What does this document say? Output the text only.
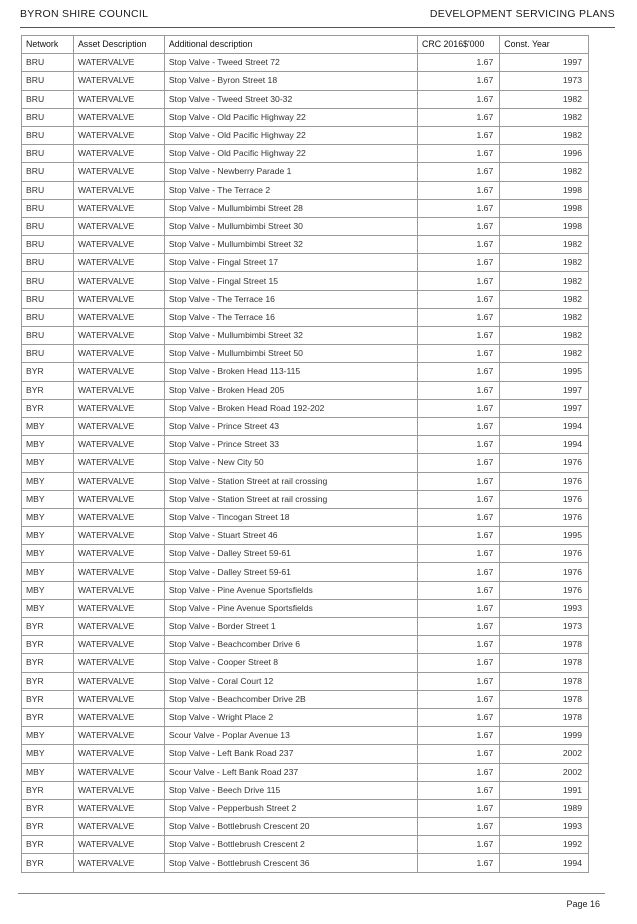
BYRON SHIRE COUNCIL	DEVELOPMENT SERVICING PLANS
Network	Asset Description	Additional description	CRC 2016$'000	Const. Year
BRU	WATERVALVE	Stop Valve - Tweed Street 72	1.67	1997
BRU	WATERVALVE	Stop Valve - Byron Street 18	1.67	1973
BRU	WATERVALVE	Stop Valve - Tweed Street 30-32	1.67	1982
BRU	WATERVALVE	Stop Valve - Old Pacific Highway 22	1.67	1982
BRU	WATERVALVE	Stop Valve - Old Pacific Highway 22	1.67	1982
BRU	WATERVALVE	Stop Valve - Old Pacific Highway 22	1.67	1996
BRU	WATERVALVE	Stop Valve - Newberry Parade 1	1.67	1982
BRU	WATERVALVE	Stop Valve - The Terrace 2	1.67	1998
BRU	WATERVALVE	Stop Valve - Mullumbimbi Street 28	1.67	1998
BRU	WATERVALVE	Stop Valve - Mullumbimbi Street 30	1.67	1998
BRU	WATERVALVE	Stop Valve - Mullumbimbi Street 32	1.67	1982
BRU	WATERVALVE	Stop Valve - Fingal Street 17	1.67	1982
BRU	WATERVALVE	Stop Valve - Fingal Street 15	1.67	1982
BRU	WATERVALVE	Stop Valve - The Terrace 16	1.67	1982
BRU	WATERVALVE	Stop Valve - The Terrace 16	1.67	1982
BRU	WATERVALVE	Stop Valve - Mullumbimbi Street 32	1.67	1982
BRU	WATERVALVE	Stop Valve - Mullumbimbi Street 50	1.67	1982
BYR	WATERVALVE	Stop Valve - Broken Head 113-115	1.67	1995
BYR	WATERVALVE	Stop Valve - Broken Head 205	1.67	1997
BYR	WATERVALVE	Stop Valve - Broken Head Road 192-202	1.67	1997
MBY	WATERVALVE	Stop Valve - Prince Street 43	1.67	1994
MBY	WATERVALVE	Stop Valve - Prince Street 33	1.67	1994
MBY	WATERVALVE	Stop Valve - New City 50	1.67	1976
MBY	WATERVALVE	Stop Valve - Station Street at rail crossing	1.67	1976
MBY	WATERVALVE	Stop Valve - Station Street at rail crossing	1.67	1976
MBY	WATERVALVE	Stop Valve - Tincogan Street 18	1.67	1976
MBY	WATERVALVE	Stop Valve - Stuart Street 46	1.67	1995
MBY	WATERVALVE	Stop Valve - Dalley Street 59-61	1.67	1976
MBY	WATERVALVE	Stop Valve - Dalley Street 59-61	1.67	1976
MBY	WATERVALVE	Stop Valve - Pine Avenue Sportsfields	1.67	1976
MBY	WATERVALVE	Stop Valve - Pine Avenue Sportsfields	1.67	1993
BYR	WATERVALVE	Stop Valve - Border Street 1	1.67	1973
BYR	WATERVALVE	Stop Valve - Beachcomber Drive 6	1.67	1978
BYR	WATERVALVE	Stop Valve - Cooper Street 8	1.67	1978
BYR	WATERVALVE	Stop Valve - Coral Court 12	1.67	1978
BYR	WATERVALVE	Stop Valve - Beachcomber Drive 2B	1.67	1978
BYR	WATERVALVE	Stop Valve - Wright Place 2	1.67	1978
MBY	WATERVALVE	Scour Valve - Poplar Avenue 13	1.67	1999
MBY	WATERVALVE	Stop Valve - Left Bank Road 237	1.67	2002
MBY	WATERVALVE	Scour Valve - Left Bank Road 237	1.67	2002
BYR	WATERVALVE	Stop Valve - Beech Drive 115	1.67	1991
BYR	WATERVALVE	Stop Valve - Pepperbush Street 2	1.67	1989
BYR	WATERVALVE	Stop Valve - Bottlebrush Crescent 20	1.67	1993
BYR	WATERVALVE	Stop Valve - Bottlebrush Crescent 2	1.67	1992
BYR	WATERVALVE	Stop Valve - Bottlebrush Crescent 36	1.67	1994
Page 16
